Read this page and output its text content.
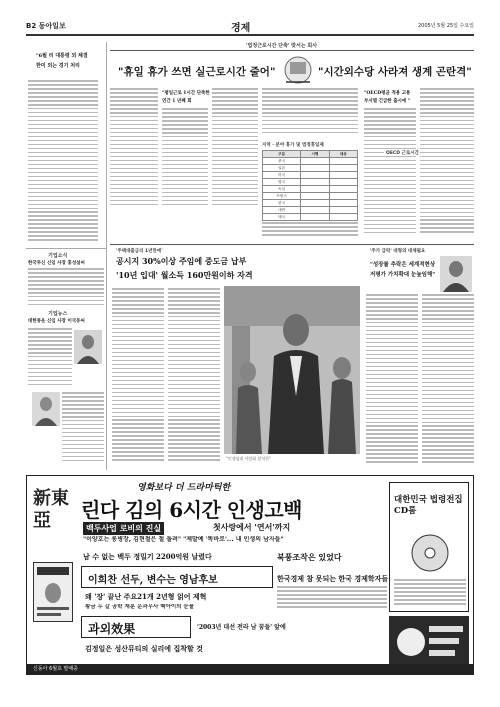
B2 동아일보	경제	2005년 5월 25일 수요일
"6월 리 대통령 외 체결
한미 외는 경기 처리
기업소식
한국투신 신임 사장 홍성설씨
기업뉴스
대한통운 신임 사장 이국동씨
'법정근로시간 단축' 맞서는 회사
"휴일 휴가 쓰면 실근로시간 줄어"	"시간외수당 사라져 생계 곤란격"
"평일근로 1시간 단축한
연간 1 년째 회
지역 · 분야 휴가 및 법정휴일제
구분	시행	대상
중국		
일본		
미국		
영국		
독일		
프랑스		
한국		
대만		
태국		
"OECD평균 적용 고용
부서별 긴급한 출시에 "
OECD 근로시간
'주택대출금리 1년만에'
공시지 30%이상 주임에 중도금 납부
'10년 입대' 월소득 160만원이하 자격
"인생임대 사람회 참석한"
'주가 급락' 대형의 대체필요
"성장률 추락은 세계적현상
저평가 가치확대 눈높임해"
新東亞
영화보다 더 드라마틱한
린다 김의 6시간 인생고백
백두사업 로비의 진실	첫사랑에서 '연서'까지
"이양호는 롱병장, 김현철은 철 돌려" "제발예 '똑바로'... 내 인생의 남자들"
남 수 없는 백두 정밀기 2200억원 날렸다	북풍조작은 있었다
이희찬 선두, 변수는 영남후보
왜 '장' 끝난 주요21개 2년형 얽어 제혁
황금 두 갈 공학 재훈 운과무사 백아이의 눈물
한국경제 참 못되는 한국 경제학자들
과외效果	'2003년 대선 전라 남 꿈들' 앞에
김정일은 성산뮤티의 실리에 집착할 것
대한민국 법령전집 CD롬
신동아 6월호 발매중
